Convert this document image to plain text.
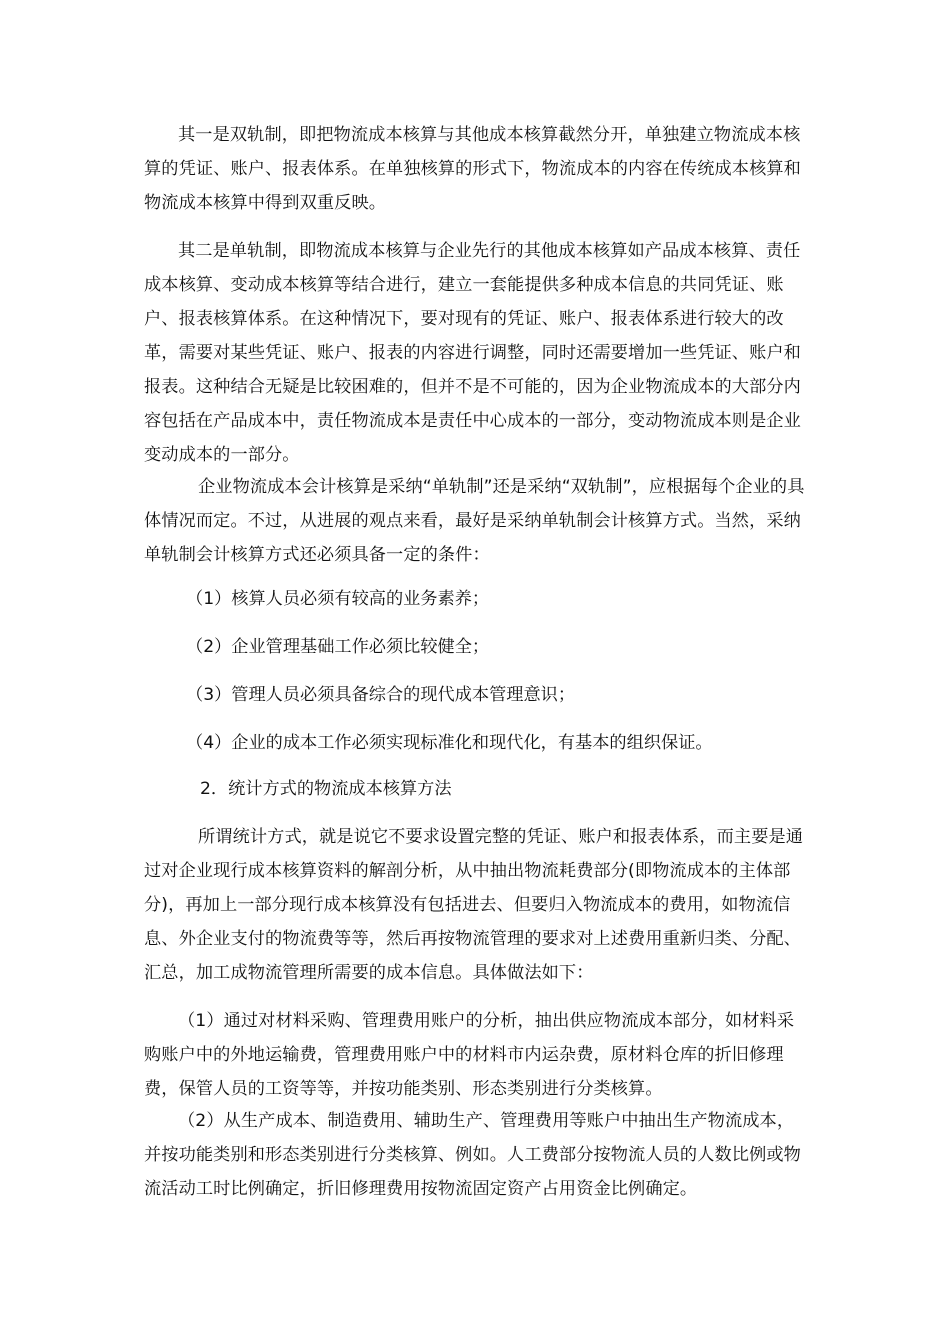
其一是双轨制，即把物流成本核算与其他成本核算截然分开，单独建立物流成本核算的凭证、账户、报表体系。在单独核算的形式下，物流成本的内容在传统成本核算和物流成本核算中得到双重反映。

其二是单轨制，即物流成本核算与企业先行的其他成本核算如产品成本核算、责任成本核算、变动成本核算等结合进行，建立一套能提供多种成本信息的共同凭证、账户、报表核算体系。在这种情况下，要对现有的凭证、账户、报表体系进行较大的改革，需要对某些凭证、账户、报表的内容进行调整，同时还需要增加一些凭证、账户和报表。这种结合无疑是比较困难的，但并不是不可能的，因为企业物流成本的大部分内容包括在产品成本中，责任物流成本是责任中心成本的一部分，变动物流成本则是企业变动成本的一部分。

企业物流成本会计核算是采纳“单轨制”还是采纳“双轨制”，应根据每个企业的具体情况而定。不过，从进展的观点来看，最好是采纳单轨制会计核算方式。当然，采纳单轨制会计核算方式还必须具备一定的条件：

（1）核算人员必须有较高的业务素养；

（2）企业管理基础工作必须比较健全；

（3）管理人员必须具备综合的现代成本管理意识；

（4）企业的成本工作必须实现标准化和现代化，有基本的组织保证。

2．统计方式的物流成本核算方法

所谓统计方式，就是说它不要求设置完整的凭证、账户和报表体系，而主要是通过对企业现行成本核算资料的解剖分析，从中抽出物流耗费部分(即物流成本的主体部分)，再加上一部分现行成本核算没有包括进去、但要归入物流成本的费用，如物流信息、外企业支付的物流费等等，然后再按物流管理的要求对上述费用重新归类、分配、汇总，加工成物流管理所需要的成本信息。具体做法如下：

（1）通过对材料采购、管理费用账户的分析，抽出供应物流成本部分，如材料采购账户中的外地运输费，管理费用账户中的材料市内运杂费，原材料仓库的折旧修理费，保管人员的工资等等，并按功能类别、形态类别进行分类核算。

（2）从生产成本、制造费用、辅助生产、管理费用等账户中抽出生产物流成本，并按功能类别和形态类别进行分类核算、例如。人工费部分按物流人员的人数比例或物流活动工时比例确定，折旧修理费用按物流固定资产占用资金比例确定。
